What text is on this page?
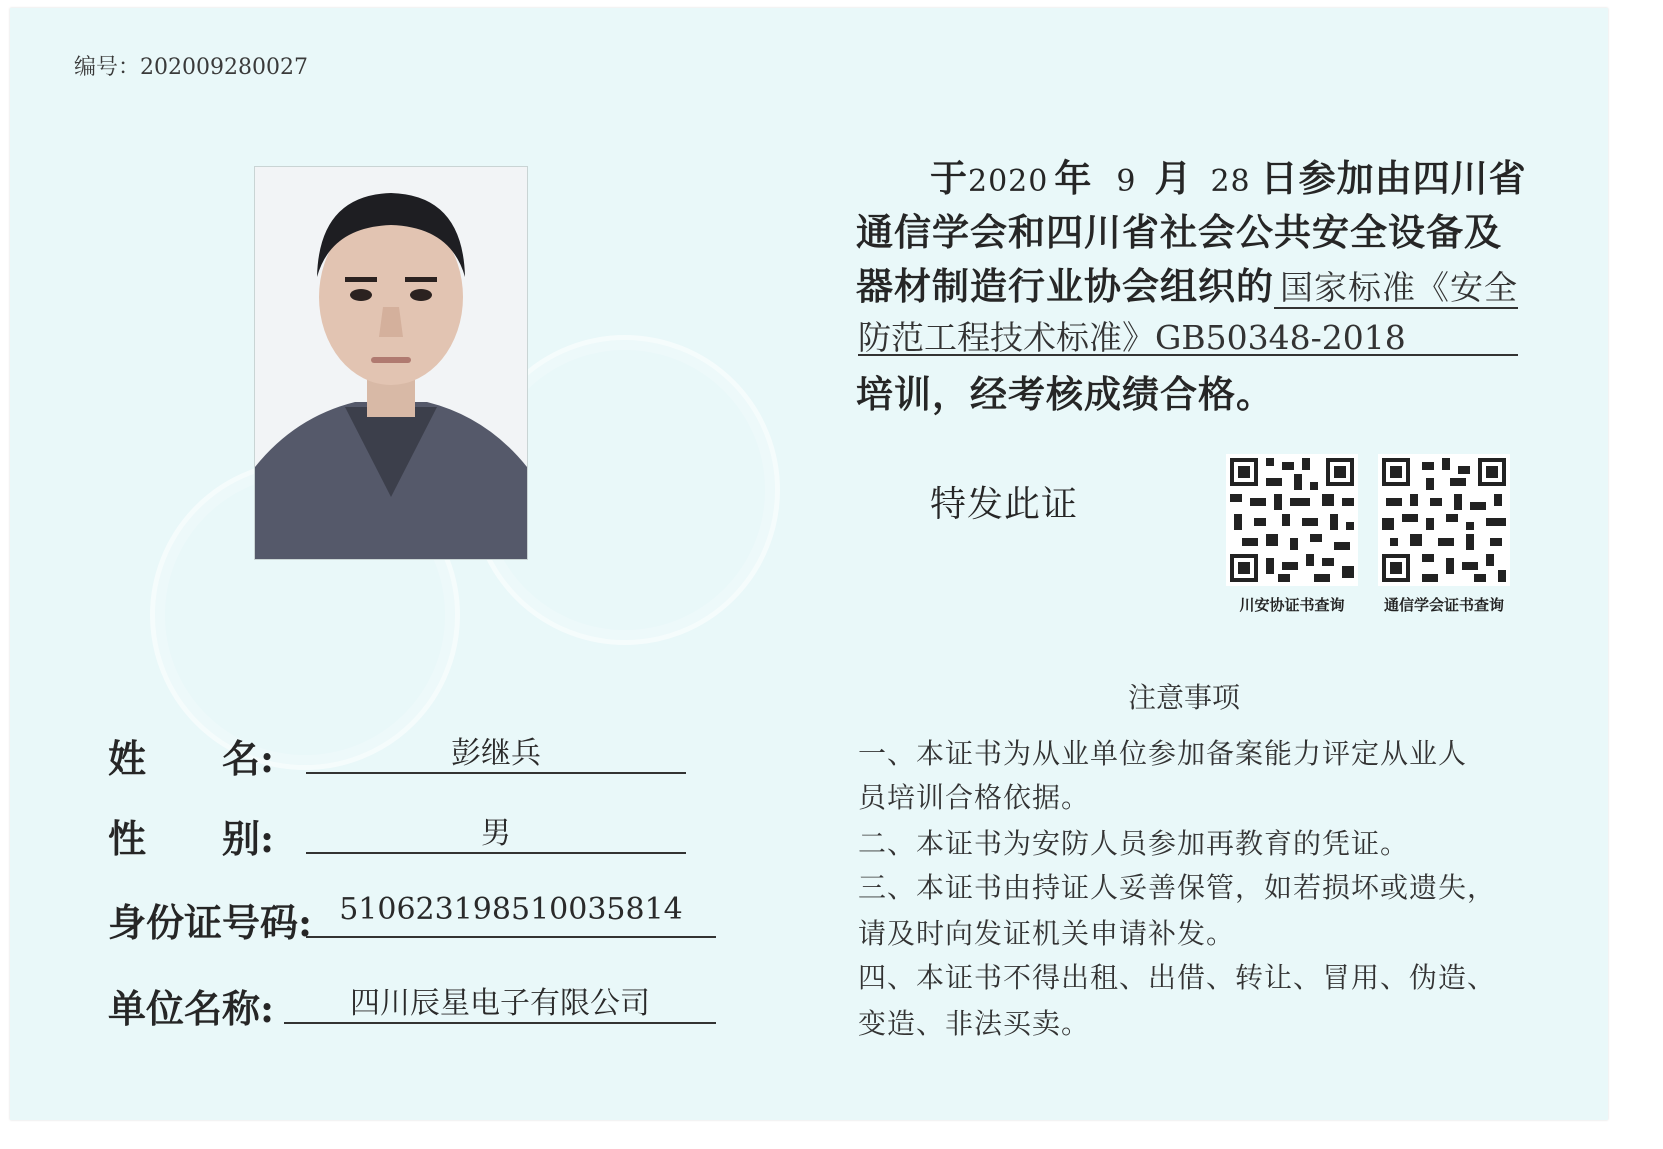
编号：202009280027
姓　　名:	彭继兵
性　　别:	男
身份证号码: 510623198510035814
单位名称:	四川辰星电子有限公司
于2020 年 9 月 28 日参加由四川省
通信学会和四川省社会公共安全设备及
器材制造行业协会组织的 国家标准《安全
防范工程技术标准》GB50348-2018
培训，经考核成绩合格。
特发此证
川安协证书查询	通信学会证书查询
注意事项
一、本证书为从业单位参加备案能力评定从业人
员培训合格依据。
二、本证书为安防人员参加再教育的凭证。
三、本证书由持证人妥善保管，如若损坏或遗失，
请及时向发证机关申请补发。
四、本证书不得出租、出借、转让、冒用、伪造、
变造、非法买卖。
